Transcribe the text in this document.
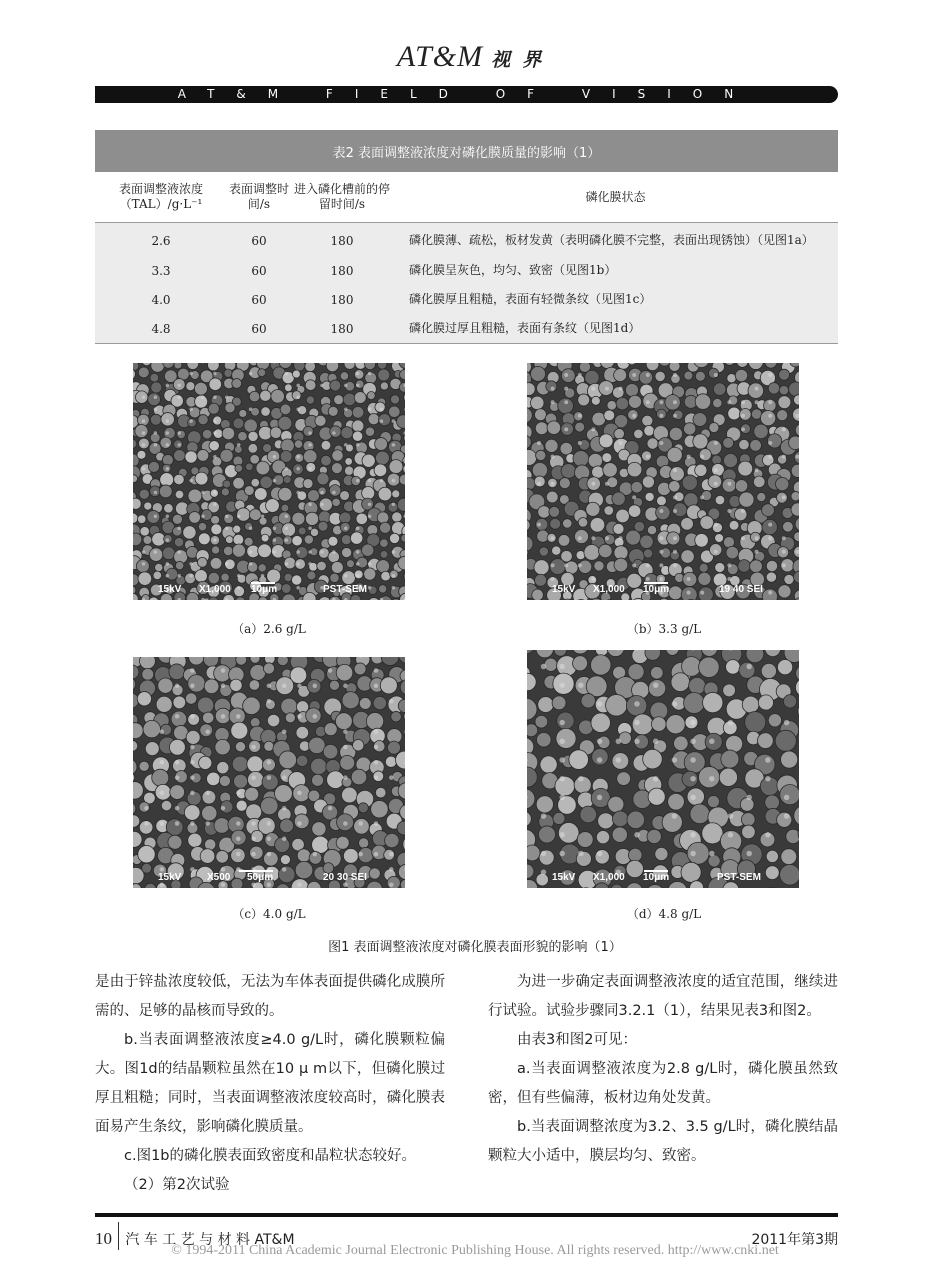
AT&M 视界
AT&M FIELD OF VISION
表2 表面调整液浓度对磷化膜质量的影响（1）			
表面调整液浓度（TAL）/g·L⁻¹	表面调整时间/s	进入磷化槽前的停留时间/s	磷化膜状态
2.6	60	180	磷化膜薄、疏松，板材发黄（表明磷化膜不完整，表面出现锈蚀）（见图1a）
3.3	60	180	磷化膜呈灰色，均匀、致密（见图1b）
4.0	60	180	磷化膜厚且粗糙，表面有轻微条纹（见图1c）
4.8	60	180	磷化膜过厚且粗糙，表面有条纹（见图1d）
15kV X1,000 10μm	PST-SEM
（a）2.6 g/L
15kV X1,000 10μm	19 40 SEI
（b）3.3 g/L
15kV	X500 50μm	20 30 SEI
（c）4.0 g/L
15kV X1,000 10μm	PST-SEM
（d）4.8 g/L
图1 表面调整液浓度对磷化膜表面形貌的影响（1）

是由于锌盐浓度较低，无法为车体表面提供磷化成膜所需的、足够的晶核而导致的。

b.当表面调整液浓度≥4.0 g/L时，磷化膜颗粒偏大。图1d的结晶颗粒虽然在10 μ m以下，但磷化膜过厚且粗糙；同时，当表面调整液浓度较高时，磷化膜表面易产生条纹，影响磷化膜质量。

c.图1b的磷化膜表面致密度和晶粒状态较好。

（2）第2次试验

为进一步确定表面调整液浓度的适宜范围，继续进行试验。试验步骤同3.2.1（1），结果见表3和图2。

由表3和图2可见：

a.当表面调整液浓度为2.8 g/L时，磷化膜虽然致密，但有些偏薄，板材边角处发黄。

b.当表面调整浓度为3.2、3.5 g/L时，磷化膜结晶颗粒大小适中，膜层均匀、致密。

10 汽 车 工 艺 与 材 料 AT&M	2011年第3期
© 1994-2011 China Academic Journal Electronic Publishing House. All rights reserved. http://www.cnki.net
